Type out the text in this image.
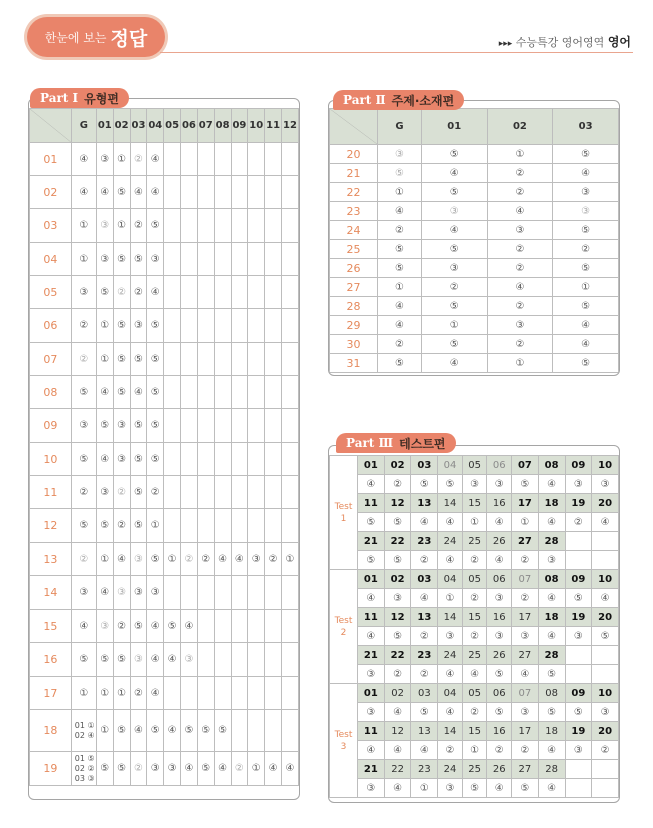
한눈에 보는 정답	▸▸▸ 수능특강 영어영역 영어
Part Ⅰ 유형편
	G	01	02	03	04	05	06	07	08	09	10	11	12
01	④	③	①	②	④								
02	④	④	⑤	④	④								
03	①	③	①	②	⑤								
04	①	③	⑤	⑤	③								
05	③	⑤	②	②	④								
06	②	①	⑤	③	⑤								
07	②	①	⑤	⑤	⑤								
08	⑤	④	⑤	④	⑤								
09	③	⑤	③	⑤	⑤								
10	⑤	④	③	⑤	⑤								
11	②	③	②	⑤	②								
12	⑤	⑤	②	⑤	①								
13	②	①	④	③	⑤	①	②	②	④	④	③	②	①
14	③	④	③	③	③								
15	④	③	②	⑤	④	⑤	④						
16	⑤	⑤	⑤	③	④	④	③						
17	①	①	①	②	④								
18	01 ①
02 ④	①	⑤	④	⑤	④	⑤	⑤	⑤				
19	01 ⑤
02 ②
03 ③	⑤	⑤	②	③	③	④	⑤	④	②	①	④	④
Part Ⅱ 주제·소재편
	G	01	02	03
20	③	⑤	①	⑤
21	⑤	④	②	④
22	①	⑤	②	③
23	④	③	④	③
24	②	④	③	⑤
25	⑤	⑤	②	②
26	⑤	③	②	⑤
27	①	②	④	①
28	④	⑤	②	⑤
29	④	①	③	④
30	②	⑤	②	④
31	⑤	④	①	⑤
Part Ⅲ 테스트편
Test
1	01	02	03	04	05	06	07	08	09	10
	④	②	⑤	⑤	③	③	⑤	④	③	③
	11	12	13	14	15	16	17	18	19	20
	⑤	⑤	④	④	①	④	①	④	②	④
	21	22	23	24	25	26	27	28		
	⑤	⑤	②	④	②	④	②	③		
Test
2	01	02	03	04	05	06	07	08	09	10
	④	③	④	①	②	③	②	④	⑤	④
	11	12	13	14	15	16	17	18	19	20
	④	⑤	②	③	②	③	③	④	③	⑤
	21	22	23	24	25	26	27	28		
	③	②	②	④	④	⑤	④	⑤		
Test
3	01	02	03	04	05	06	07	08	09	10
	③	④	⑤	④	②	⑤	③	⑤	⑤	③
	11	12	13	14	15	16	17	18	19	20
	④	④	④	②	①	②	②	④	③	②
	21	22	23	24	25	26	27	28		
	③	④	①	③	⑤	④	⑤	④		
